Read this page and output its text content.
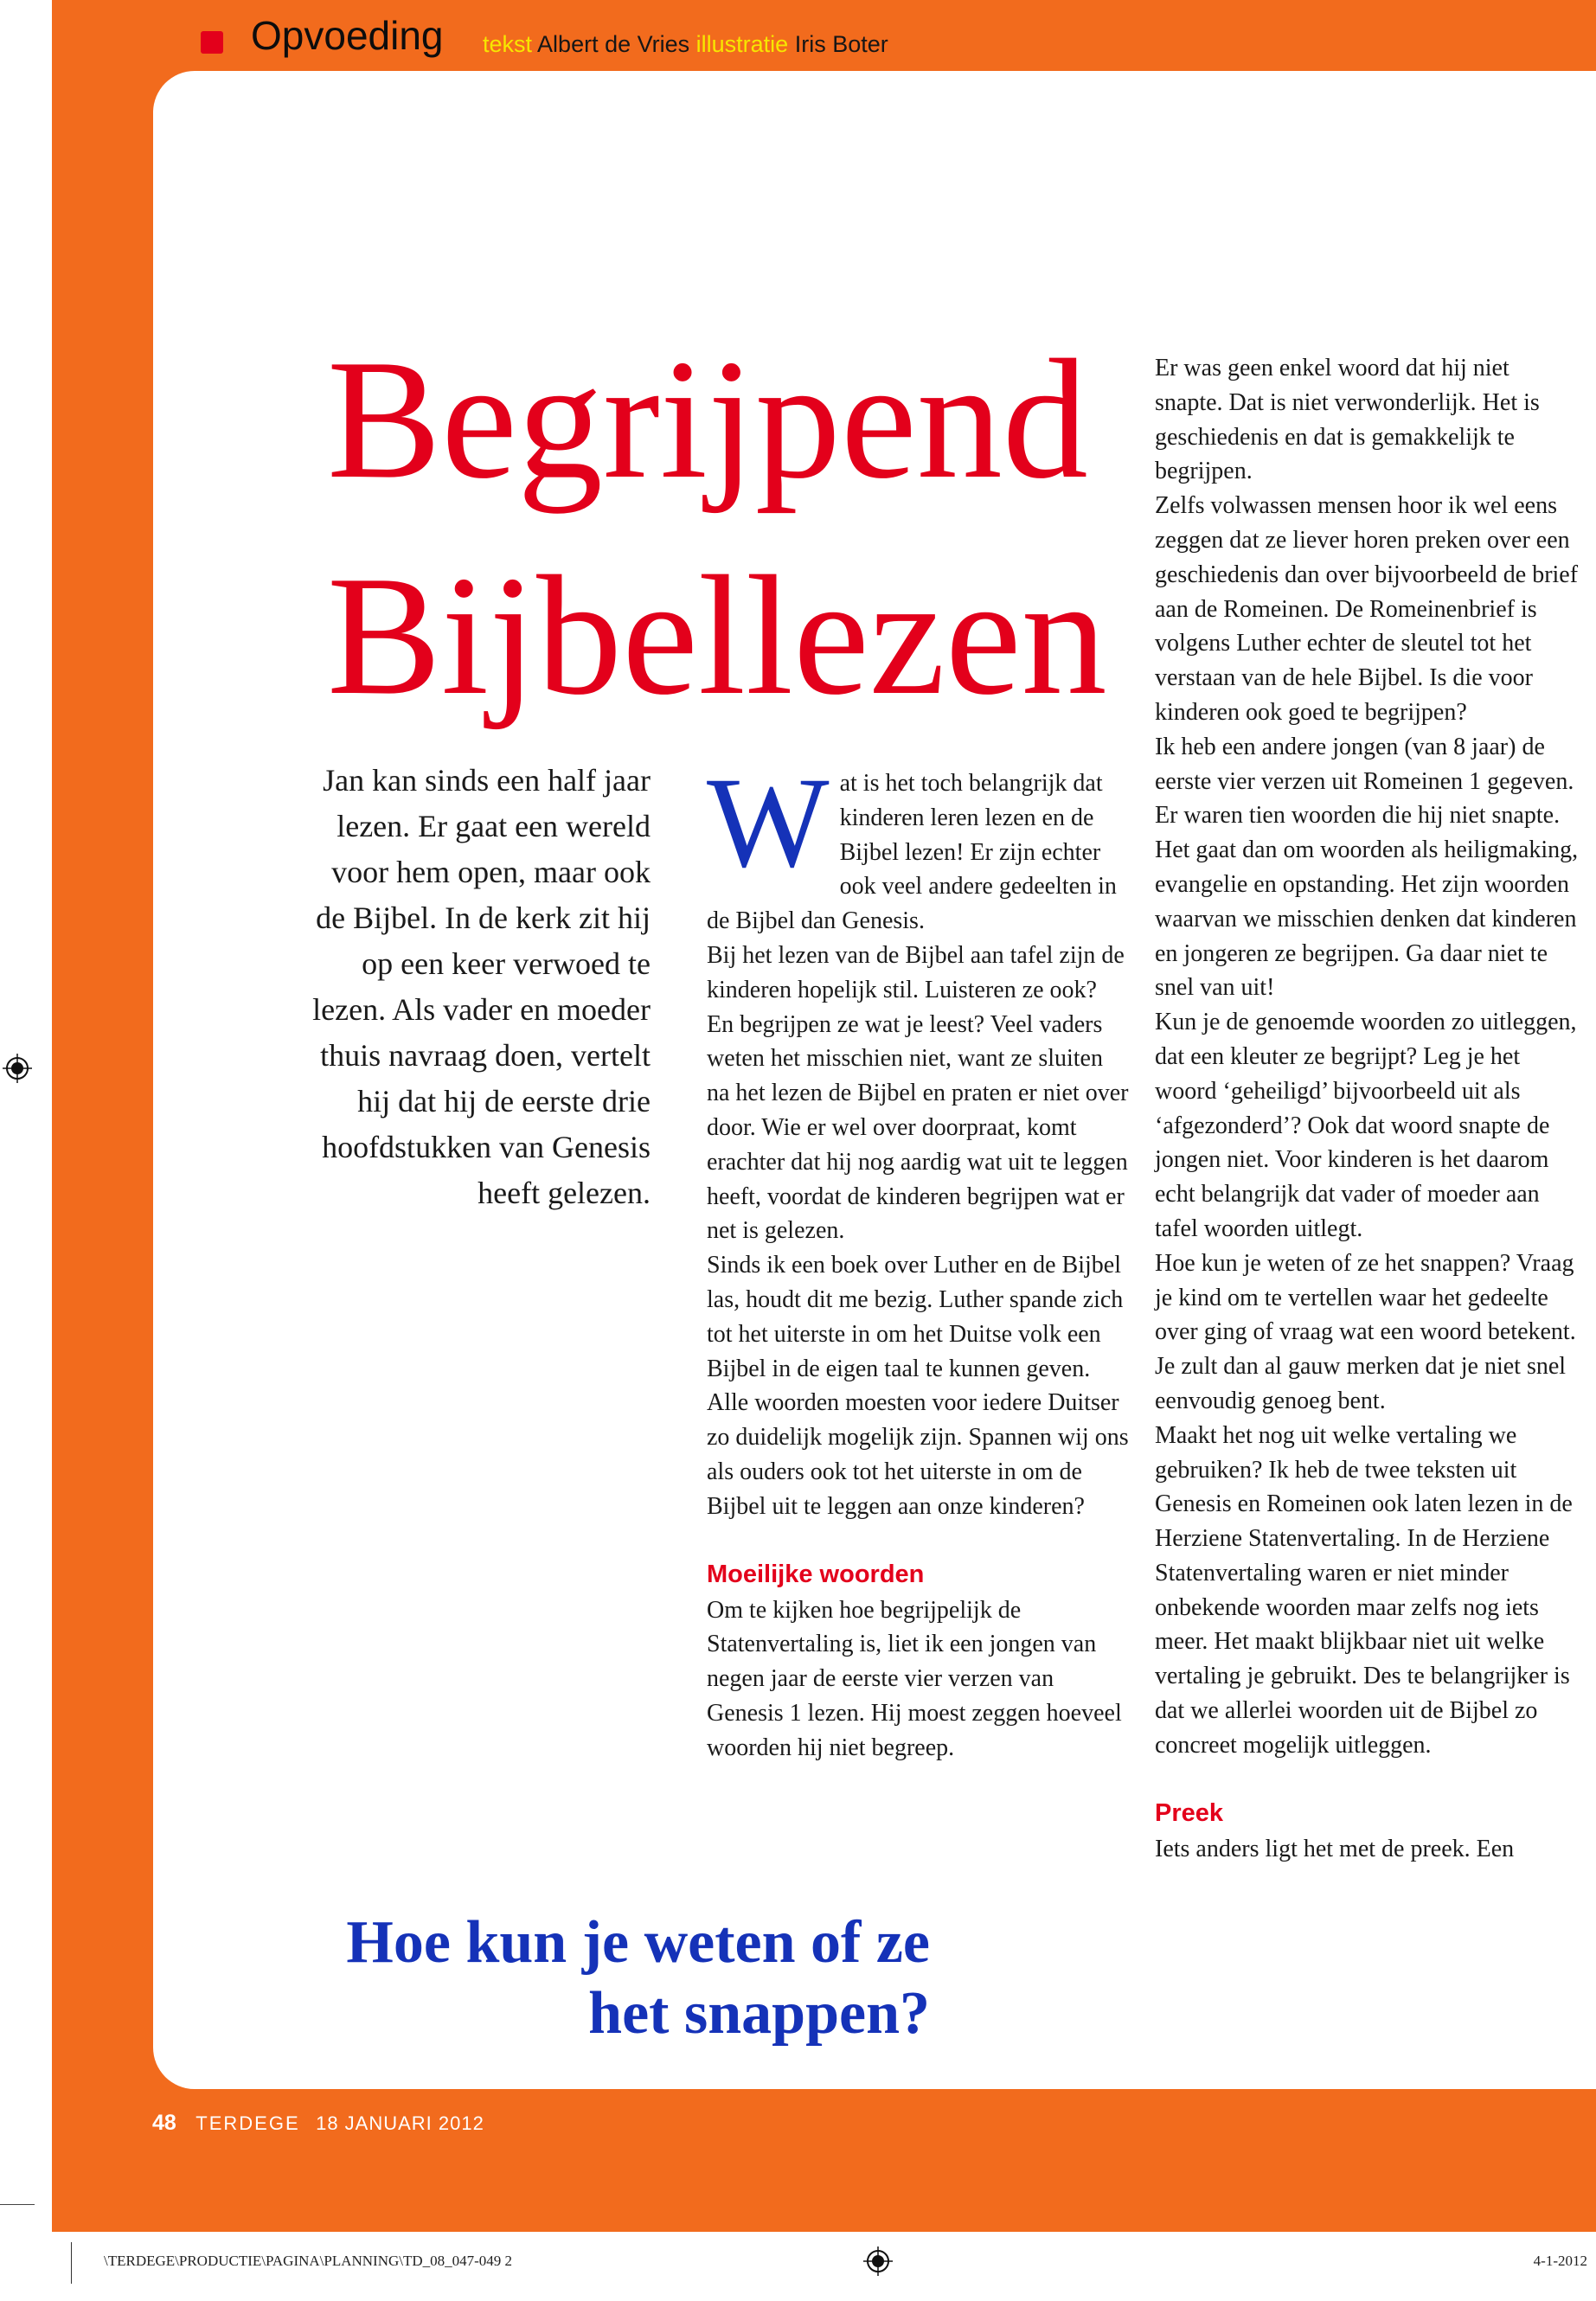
Opvoeding tekst Albert de Vries illustratie Iris Boter
Begrijpend
Bijbellezen
Jan kan sinds een half jaar lezen. Er gaat een wereld voor hem open, maar ook de Bijbel. In de kerk zit hij op een keer verwoed te lezen. Als vader en moeder thuis navraag doen, vertelt hij dat hij de eerste drie hoofdstukken van Genesis heeft gelezen.
W at is het toch belangrijk dat kinderen leren lezen en de Bijbel lezen! Er zijn echter ook veel andere gedeelten in de Bijbel dan Genesis.

Bij het lezen van de Bijbel aan tafel zijn de kinderen hopelijk stil. Luisteren ze ook? En begrijpen ze wat je leest? Veel vaders weten het misschien niet, want ze sluiten na het lezen de Bijbel en praten er niet over door. Wie er wel over doorpraat, komt erachter dat hij nog aardig wat uit te leggen heeft, voordat de kinderen begrijpen wat er net is gelezen.

Sinds ik een boek over Luther en de Bijbel las, houdt dit me bezig. Luther spande zich tot het uiterste in om het Duitse volk een Bijbel in de eigen taal te kunnen geven. Alle woorden moesten voor iedere Duitser zo duidelijk mogelijk zijn. Spannen wij ons als ouders ook tot het uiterste in om de Bijbel uit te leggen aan onze kinderen?

Moeilijke woorden

Om te kijken hoe begrijpelijk de Statenvertaling is, liet ik een jongen van negen jaar de eerste vier verzen van Genesis 1 lezen. Hij moest zeggen hoeveel woorden hij niet begreep.

Er was geen enkel woord dat hij niet snapte. Dat is niet verwonderlijk. Het is geschiedenis en dat is gemakkelijk te begrijpen.

Zelfs volwassen mensen hoor ik wel eens zeggen dat ze liever horen preken over een geschiedenis dan over bijvoorbeeld de brief aan de Romeinen. De Romeinenbrief is volgens Luther echter de sleutel tot het verstaan van de hele Bijbel. Is die voor kinderen ook goed te begrijpen?

Ik heb een andere jongen (van 8 jaar) de eerste vier verzen uit Romeinen 1 gegeven. Er waren tien woorden die hij niet snapte. Het gaat dan om woorden als heiligmaking, evangelie en opstanding. Het zijn woorden waarvan we misschien denken dat kinderen en jongeren ze begrijpen. Ga daar niet te snel van uit!

Kun je de genoemde woorden zo uitleggen, dat een kleuter ze begrijpt? Leg je het woord ‘geheiligd’ bijvoorbeeld uit als ‘afgezonderd’? Ook dat woord snapte de jongen niet. Voor kinderen is het daarom echt belangrijk dat vader of moeder aan tafel woorden uitlegt.

Hoe kun je weten of ze het snappen? Vraag je kind om te vertellen waar het gedeelte over ging of vraag wat een woord betekent. Je zult dan al gauw merken dat je niet snel eenvoudig genoeg bent.

Maakt het nog uit welke vertaling we gebruiken? Ik heb de twee teksten uit Genesis en Romeinen ook laten lezen in de Herziene Statenvertaling. In de Herziene Statenvertaling waren er niet minder onbekende woorden maar zelfs nog iets meer. Het maakt blijkbaar niet uit welke vertaling je gebruikt. Des te belangrijker is dat we allerlei woorden uit de Bijbel zo concreet mogelijk uitleggen.

Preek

Iets anders ligt het met de preek. Een

Hoe kun je weten of ze het snappen?
48 TERDEGE 18 JANUARI 2012
\TERDEGE\PRODUCTIE\PAGINA\PLANNING\TD_08_047-049 2	4-1-2012
